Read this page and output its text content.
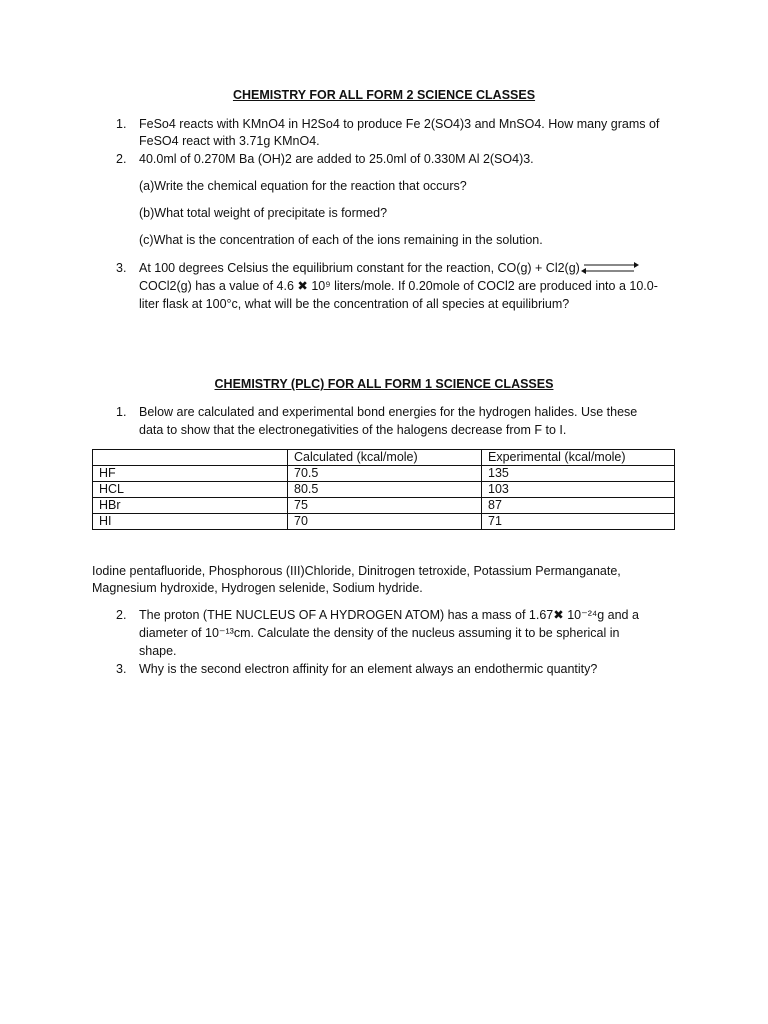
CHEMISTRY FOR ALL FORM 2 SCIENCE CLASSES
1. FeSo4 reacts with KMnO4 in H2So4 to produce Fe 2(SO4)3 and MnSO4. How many grams of
FeSO4 react with 3.71g KMnO4.
2. 40.0ml of 0.270M Ba (OH)2 are added to 25.0ml of 0.330M Al 2(SO4)3.
(a)Write the chemical equation for the reaction that occurs?
(b)What total weight of precipitate is formed?
(c)What is the concentration of each of the ions remaining in the solution.
3. At 100 degrees Celsius the equilibrium constant for the reaction, CO(g) + Cl2(g) ⇌
COCl2(g) has a value of 4.6 ✖ 10⁹ liters/mole. If 0.20mole of COCl2 are produced into a 10.0-
liter flask at 100°c, what will be the concentration of all species at equilibrium?
CHEMISTRY (PLC) FOR ALL FORM 1 SCIENCE CLASSES
1. Below are calculated and experimental bond energies for the hydrogen halides. Use these
data to show that the electronegativities of the halogens decrease from F to I.
	Calculated (kcal/mole)	Experimental (kcal/mole)
HF	70.5	135
HCL	80.5	103
HBr	75	87
HI	70	71
Iodine pentafluoride, Phosphorous (III)Chloride, Dinitrogen tetroxide, Potassium Permanganate,
Magnesium hydroxide, Hydrogen selenide, Sodium hydride.
2. The proton (THE NUCLEUS OF A HYDROGEN ATOM) has a mass of 1.67✖ 10⁻²⁴g and a
diameter of 10⁻¹³cm. Calculate the density of the nucleus assuming it to be spherical in
shape.
3. Why is the second electron affinity for an element always an endothermic quantity?
